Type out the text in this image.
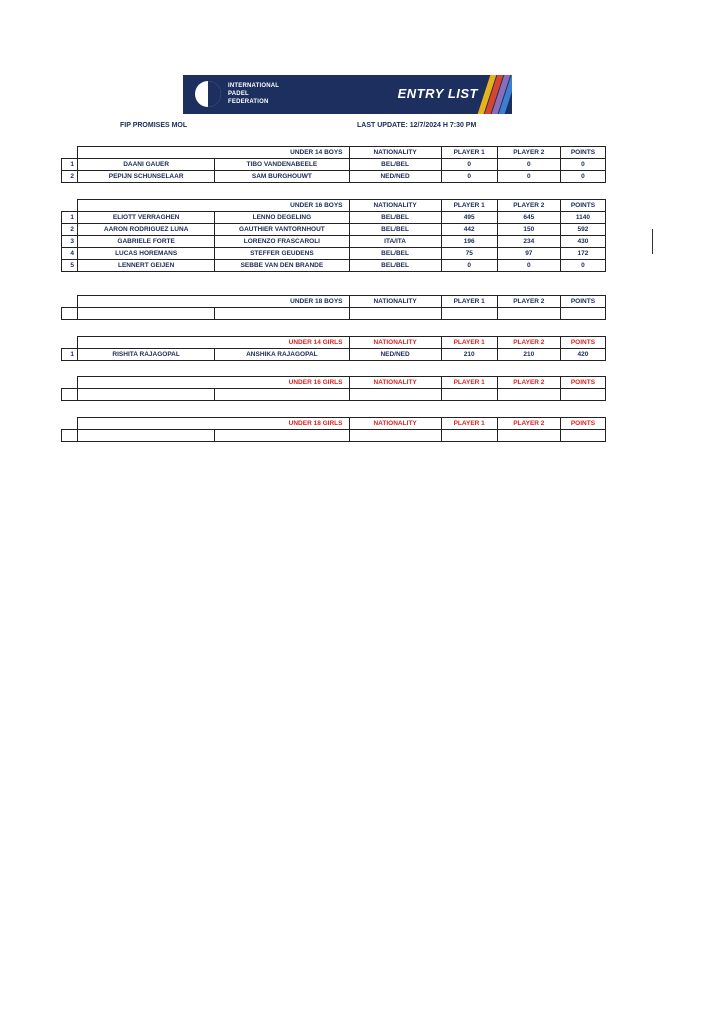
INTERNATIONAL
PADEL
FEDERATION
ENTRY LIST
FIP PROMISES MOL	LAST UPDATE: 12/7/2024 H 7:30 PM
	UNDER 14 BOYS		NATIONALITY	PLAYER 1	PLAYER 2	POINTS
1	DAANI GAUER	TIBO VANDENABEELE	BEL/BEL	0	0	0
2	PEPIJN SCHUNSELAAR	SAM BURGHOUWT	NED/NED	0	0	0
	UNDER 16 BOYS		NATIONALITY	PLAYER 1	PLAYER 2	POINTS
1	ELIOTT VERRAGHEN	LENNO DEGELING	BEL/BEL	495	645	1140
2	AARON RODRIGUEZ LUNA	GAUTHIER VANTORNHOUT	BEL/BEL	442	150	592
3	GABRIELE FORTE	LORENZO FRASCAROLI	ITA/ITA	196	234	430
4	LUCAS HOREMANS	STEFFER GEUDENS	BEL/BEL	75	97	172
5	LENNERT GEIJEN	SEBBE VAN DEN BRANDE	BEL/BEL	0	0	0
	UNDER 18 BOYS		NATIONALITY	PLAYER 1	PLAYER 2	POINTS

	UNDER 14 GIRLS		NATIONALITY	PLAYER 1	PLAYER 2	POINTS
1	RISHITA RAJAGOPAL	ANSHIKA RAJAGOPAL	NED/NED	210	210	420
	UNDER 16 GIRLS		NATIONALITY	PLAYER 1	PLAYER 2	POINTS

	UNDER 18 GIRLS		NATIONALITY	PLAYER 1	PLAYER 2	POINTS
